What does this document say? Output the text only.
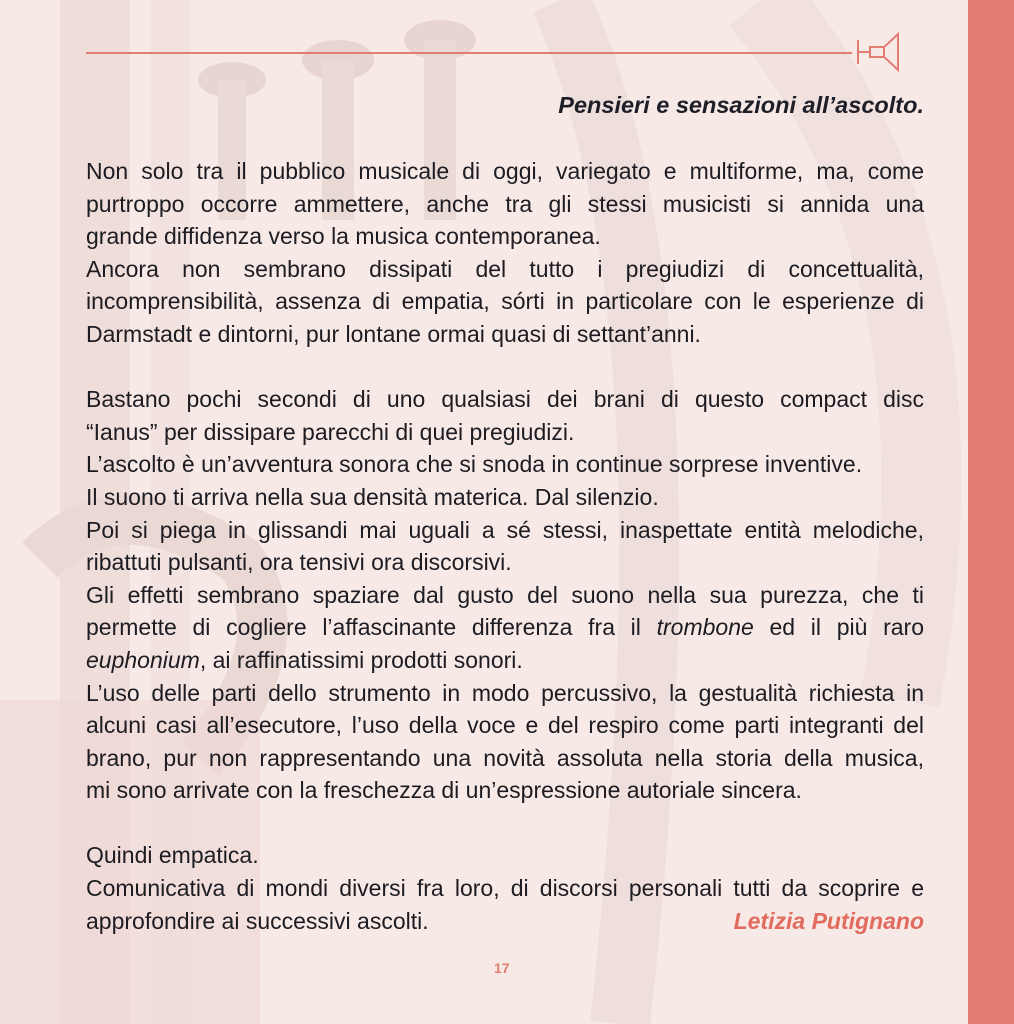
Pensieri e sensazioni all’ascolto.
Non solo tra il pubblico musicale di oggi, variegato e multiforme, ma, come
purtroppo occorre ammettere, anche tra gli stessi musicisti si annida una
grande diffidenza verso la musica contemporanea.
Ancora non sembrano dissipati del tutto i pregiudizi di concettualità,
incomprensibilità, assenza di empatia, sórti in particolare con le esperienze di
Darmstadt e dintorni, pur lontane ormai quasi di settant’anni.
Bastano pochi secondi di uno qualsiasi dei brani di questo compact disc
“Ianus” per dissipare parecchi di quei pregiudizi.
L’ascolto è un’avventura sonora che si snoda in continue sorprese inventive.
Il suono ti arriva nella sua densità materica. Dal silenzio.
Poi si piega in glissandi mai uguali a sé stessi, inaspettate entità melodiche,
ribattuti pulsanti, ora tensivi ora discorsivi.
Gli effetti sembrano spaziare dal gusto del suono nella sua purezza, che ti
permette di cogliere l’affascinante differenza fra il trombone ed il più raro
euphonium, ai raffinatissimi prodotti sonori.
L’uso delle parti dello strumento in modo percussivo, la gestualità richiesta in
alcuni casi all’esecutore, l’uso della voce e del respiro come parti integranti del
brano, pur non rappresentando una novità assoluta nella storia della musica,
mi sono arrivate con la freschezza di un’espressione autoriale sincera.
Quindi empatica.
Comunicativa di mondi diversi fra loro, di discorsi personali tutti da scoprire e
approfondire ai successivi ascolti.	Letizia Putignano
17
